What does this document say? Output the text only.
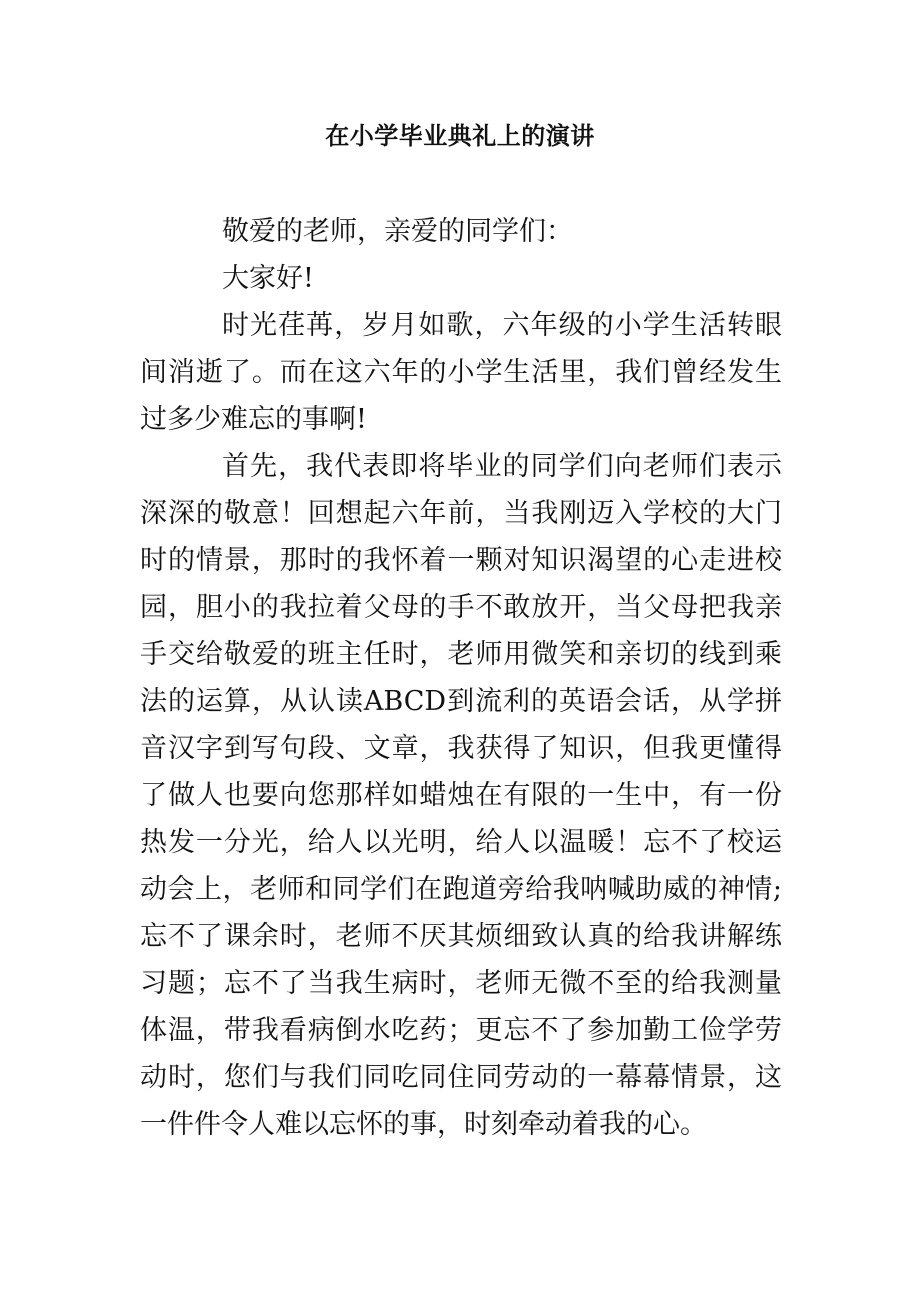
在小学毕业典礼上的演讲

敬爱的老师，亲爱的同学们：

大家好!

时光荏苒，岁月如歌，六年级的小学生活转眼间消逝了。而在这六年的小学生活里，我们曾经发生过多少难忘的事啊!

首先，我代表即将毕业的同学们向老师们表示深深的敬意！回想起六年前，当我刚迈入学校的大门时的情景，那时的我怀着一颗对知识渴望的心走进校园，胆小的我拉着父母的手不敢放开，当父母把我亲手交给敬爱的班主任时，老师用微笑和亲切的线到乘法的运算，从认读ABCD到流利的英语会话，从学拼音汉字到写句段、文章，我获得了知识，但我更懂得了做人也要向您那样如蜡烛在有限的一生中，有一份热发一分光，给人以光明，给人以温暖！忘不了校运动会上，老师和同学们在跑道旁给我呐喊助威的神情;忘不了课余时，老师不厌其烦细致认真的给我讲解练习题；忘不了当我生病时，老师无微不至的给我测量体温，带我看病倒水吃药；更忘不了参加勤工俭学劳动时，您们与我们同吃同住同劳动的一幕幕情景，这一件件令人难以忘怀的事，时刻牵动着我的心。
